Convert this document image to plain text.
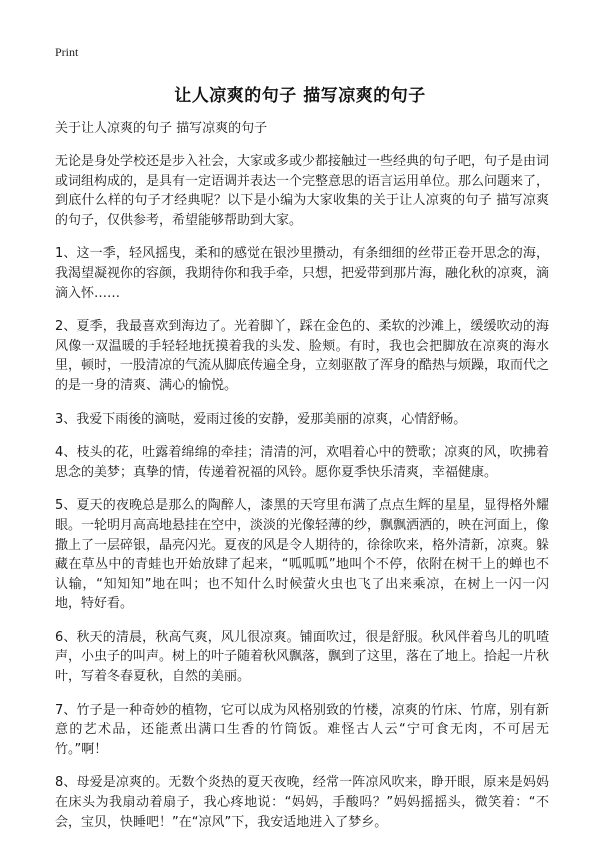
Print
让人凉爽的句子 描写凉爽的句子

关于让人凉爽的句子 描写凉爽的句子

无论是身处学校还是步入社会，大家或多或少都接触过一些经典的句子吧，句子是由词或词组构成的，是具有一定语调并表达一个完整意思的语言运用单位。那么问题来了，到底什么样的句子才经典呢？以下是小编为大家收集的关于让人凉爽的句子 描写凉爽的句子，仅供参考，希望能够帮助到大家。

1、这一季，轻风摇曳，柔和的感觉在银沙里攒动，有条细细的丝带正卷开思念的海，我渴望凝视你的容颜，我期待你和我手牵，只想，把爱带到那片海，融化秋的凉爽，滴滴入怀……

2、夏季，我最喜欢到海边了。光着脚丫，踩在金色的、柔软的沙滩上，缓缓吹动的海风像一双温暖的手轻轻地抚摸着我的头发、脸颊。有时，我也会把脚放在凉爽的海水里，顿时，一股清凉的气流从脚底传遍全身，立刻驱散了浑身的酷热与烦躁，取而代之的是一身的清爽、满心的愉悦。

3、我爱下雨後的滴哒，爱雨过後的安静，爱那美丽的凉爽，心情舒畅。

4、枝头的花，吐露着绵绵的牵挂；清清的河，欢唱着心中的赞歌；凉爽的风，吹拂着思念的美梦；真挚的情，传递着祝福的风铃。愿你夏季快乐清爽，幸福健康。

5、夏天的夜晚总是那么的陶醉人，漆黑的天穹里布满了点点生辉的星星，显得格外耀眼。一轮明月高高地悬挂在空中，淡淡的光像轻薄的纱，飘飘洒洒的，映在河面上，像撒上了一层碎银，晶亮闪光。夏夜的风是令人期待的，徐徐吹来，格外清新，凉爽。躲藏在草丛中的青蛙也开始放肆了起来，“呱呱呱”地叫个不停，依附在树干上的蝉也不认输，“知知知”地在叫；也不知什么时候萤火虫也飞了出来乘凉，在树上一闪一闪地，特好看。

6、秋天的清晨，秋高气爽，风儿很凉爽。铺面吹过，很是舒服。秋风伴着鸟儿的叽喳声，小虫子的叫声。树上的叶子随着秋风飘落，飘到了这里，落在了地上。拾起一片秋叶，写着冬春夏秋，自然的美丽。

7、竹子是一种奇妙的植物，它可以成为风格别致的竹楼，凉爽的竹床、竹席，别有新意的艺术品，还能煮出满口生香的竹筒饭。难怪古人云“宁可食无肉，不可居无竹。”啊！

8、母爱是凉爽的。无数个炎热的夏天夜晚，经常一阵凉风吹来，睁开眼，原来是妈妈在床头为我扇动着扇子，我心疼地说：“妈妈，手酸吗？”妈妈摇摇头，微笑着：“不会，宝贝，快睡吧！”在“凉风”下，我安适地进入了梦乡。
